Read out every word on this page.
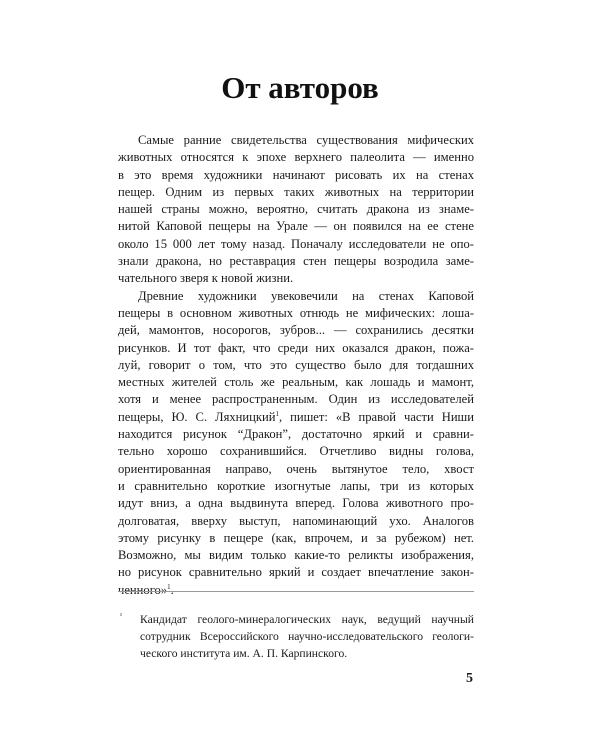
От авторов
Самые ранние свидетельства существования мифических
животных относятся к эпохе верхнего палеолита — именно
в это время художники начинают рисовать их на стенах
пещер. Одним из первых таких животных на территории
нашей страны можно, вероятно, считать дракона из знаме-
нитой Каповой пещеры на Урале — он появился на ее стене
около 15 000 лет тому назад. Поначалу исследователи не опо-
знали дракона, но реставрация стен пещеры возродила заме-
чательного зверя к новой жизни.
Древние художники увековечили на стенах Каповой
пещеры в основном животных отнюдь не мифических: лоша-
дей, мамонтов, носорогов, зубров... — сохранились десятки
рисунков. И тот факт, что среди них оказался дракон, пожа-
луй, говорит о том, что это существо было для тогдашних
местных жителей столь же реальным, как лошадь и мамонт,
хотя и менее распространенным. Один из исследователей
пещеры, Ю. С. Ляхницкий$^1$, пишет: «В правой части Ниши
находится рисунок “Дракон”, достаточно яркий и сравни-
тельно хорошо сохранившийся. Отчетливо видны голова,
ориентированная направо, очень вытянутое тело, хвост
и сравнительно короткие изогнутые лапы, три из которых
идут вниз, а одна выдвинута вперед. Голова животного про-
долговатая, вверху выступ, напоминающий ухо. Аналогов
этому рисунку в пещере (как, впрочем, и за рубежом) нет.
Возможно, мы видим только какие-то реликты изображения,
но рисунок сравнительно яркий и создает впечатление закон-
ченного»$^1$.
Кандидат геолого-минералогических наук, ведущий научный
¹
сотрудник Всероссийского научно-исследовательского геологи-
ческого института им. А. П. Карпинского.
5
